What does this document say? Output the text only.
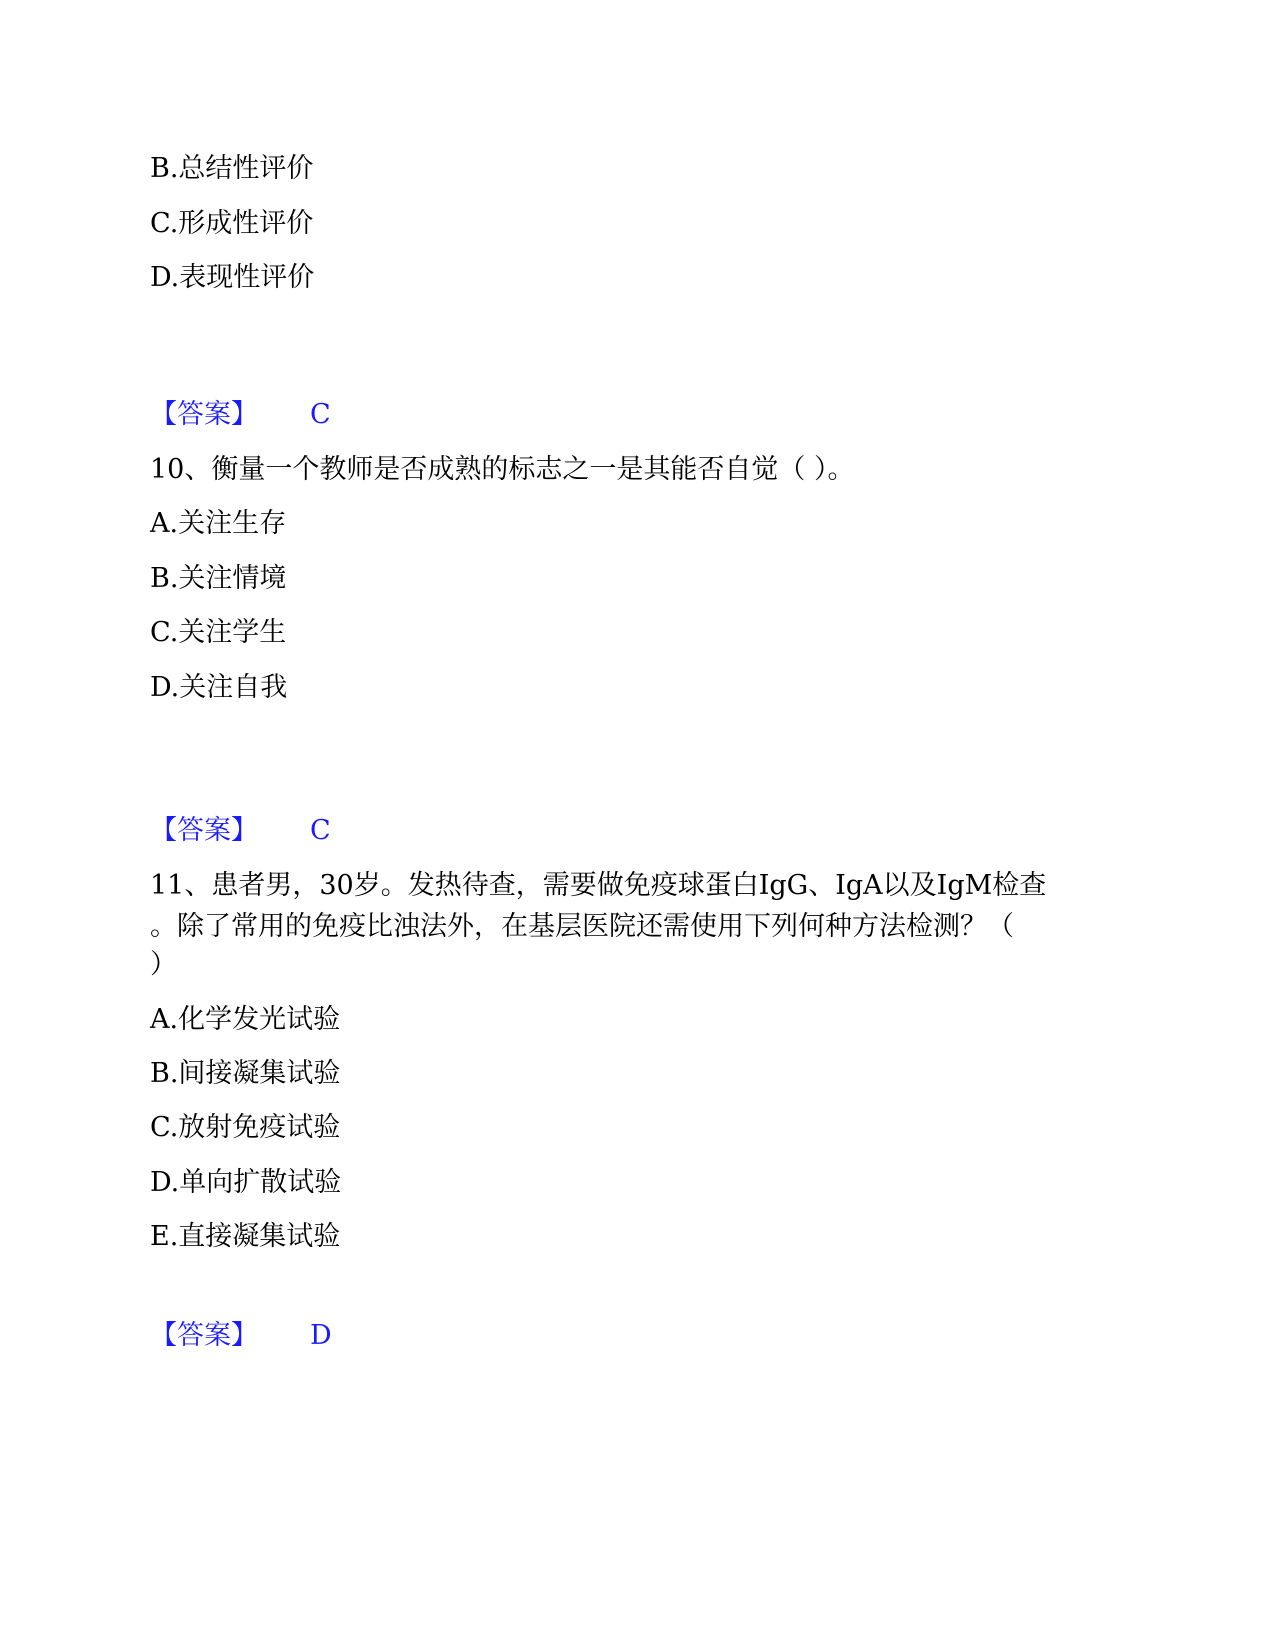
B.总结性评价
C.形成性评价
D.表现性评价
【答案】 C
10、衡量一个教师是否成熟的标志之一是其能否自觉（ ）。
A.关注生存
B.关注情境
C.关注学生
D.关注自我
【答案】 C
11、患者男，30岁。发热待查，需要做免疫球蛋白IgG、IgA以及IgM检查
。除了常用的免疫比浊法外，在基层医院还需使用下列何种方法检测？（
）
A.化学发光试验
B.间接凝集试验
C.放射免疫试验
D.单向扩散试验
E.直接凝集试验
【答案】 D
